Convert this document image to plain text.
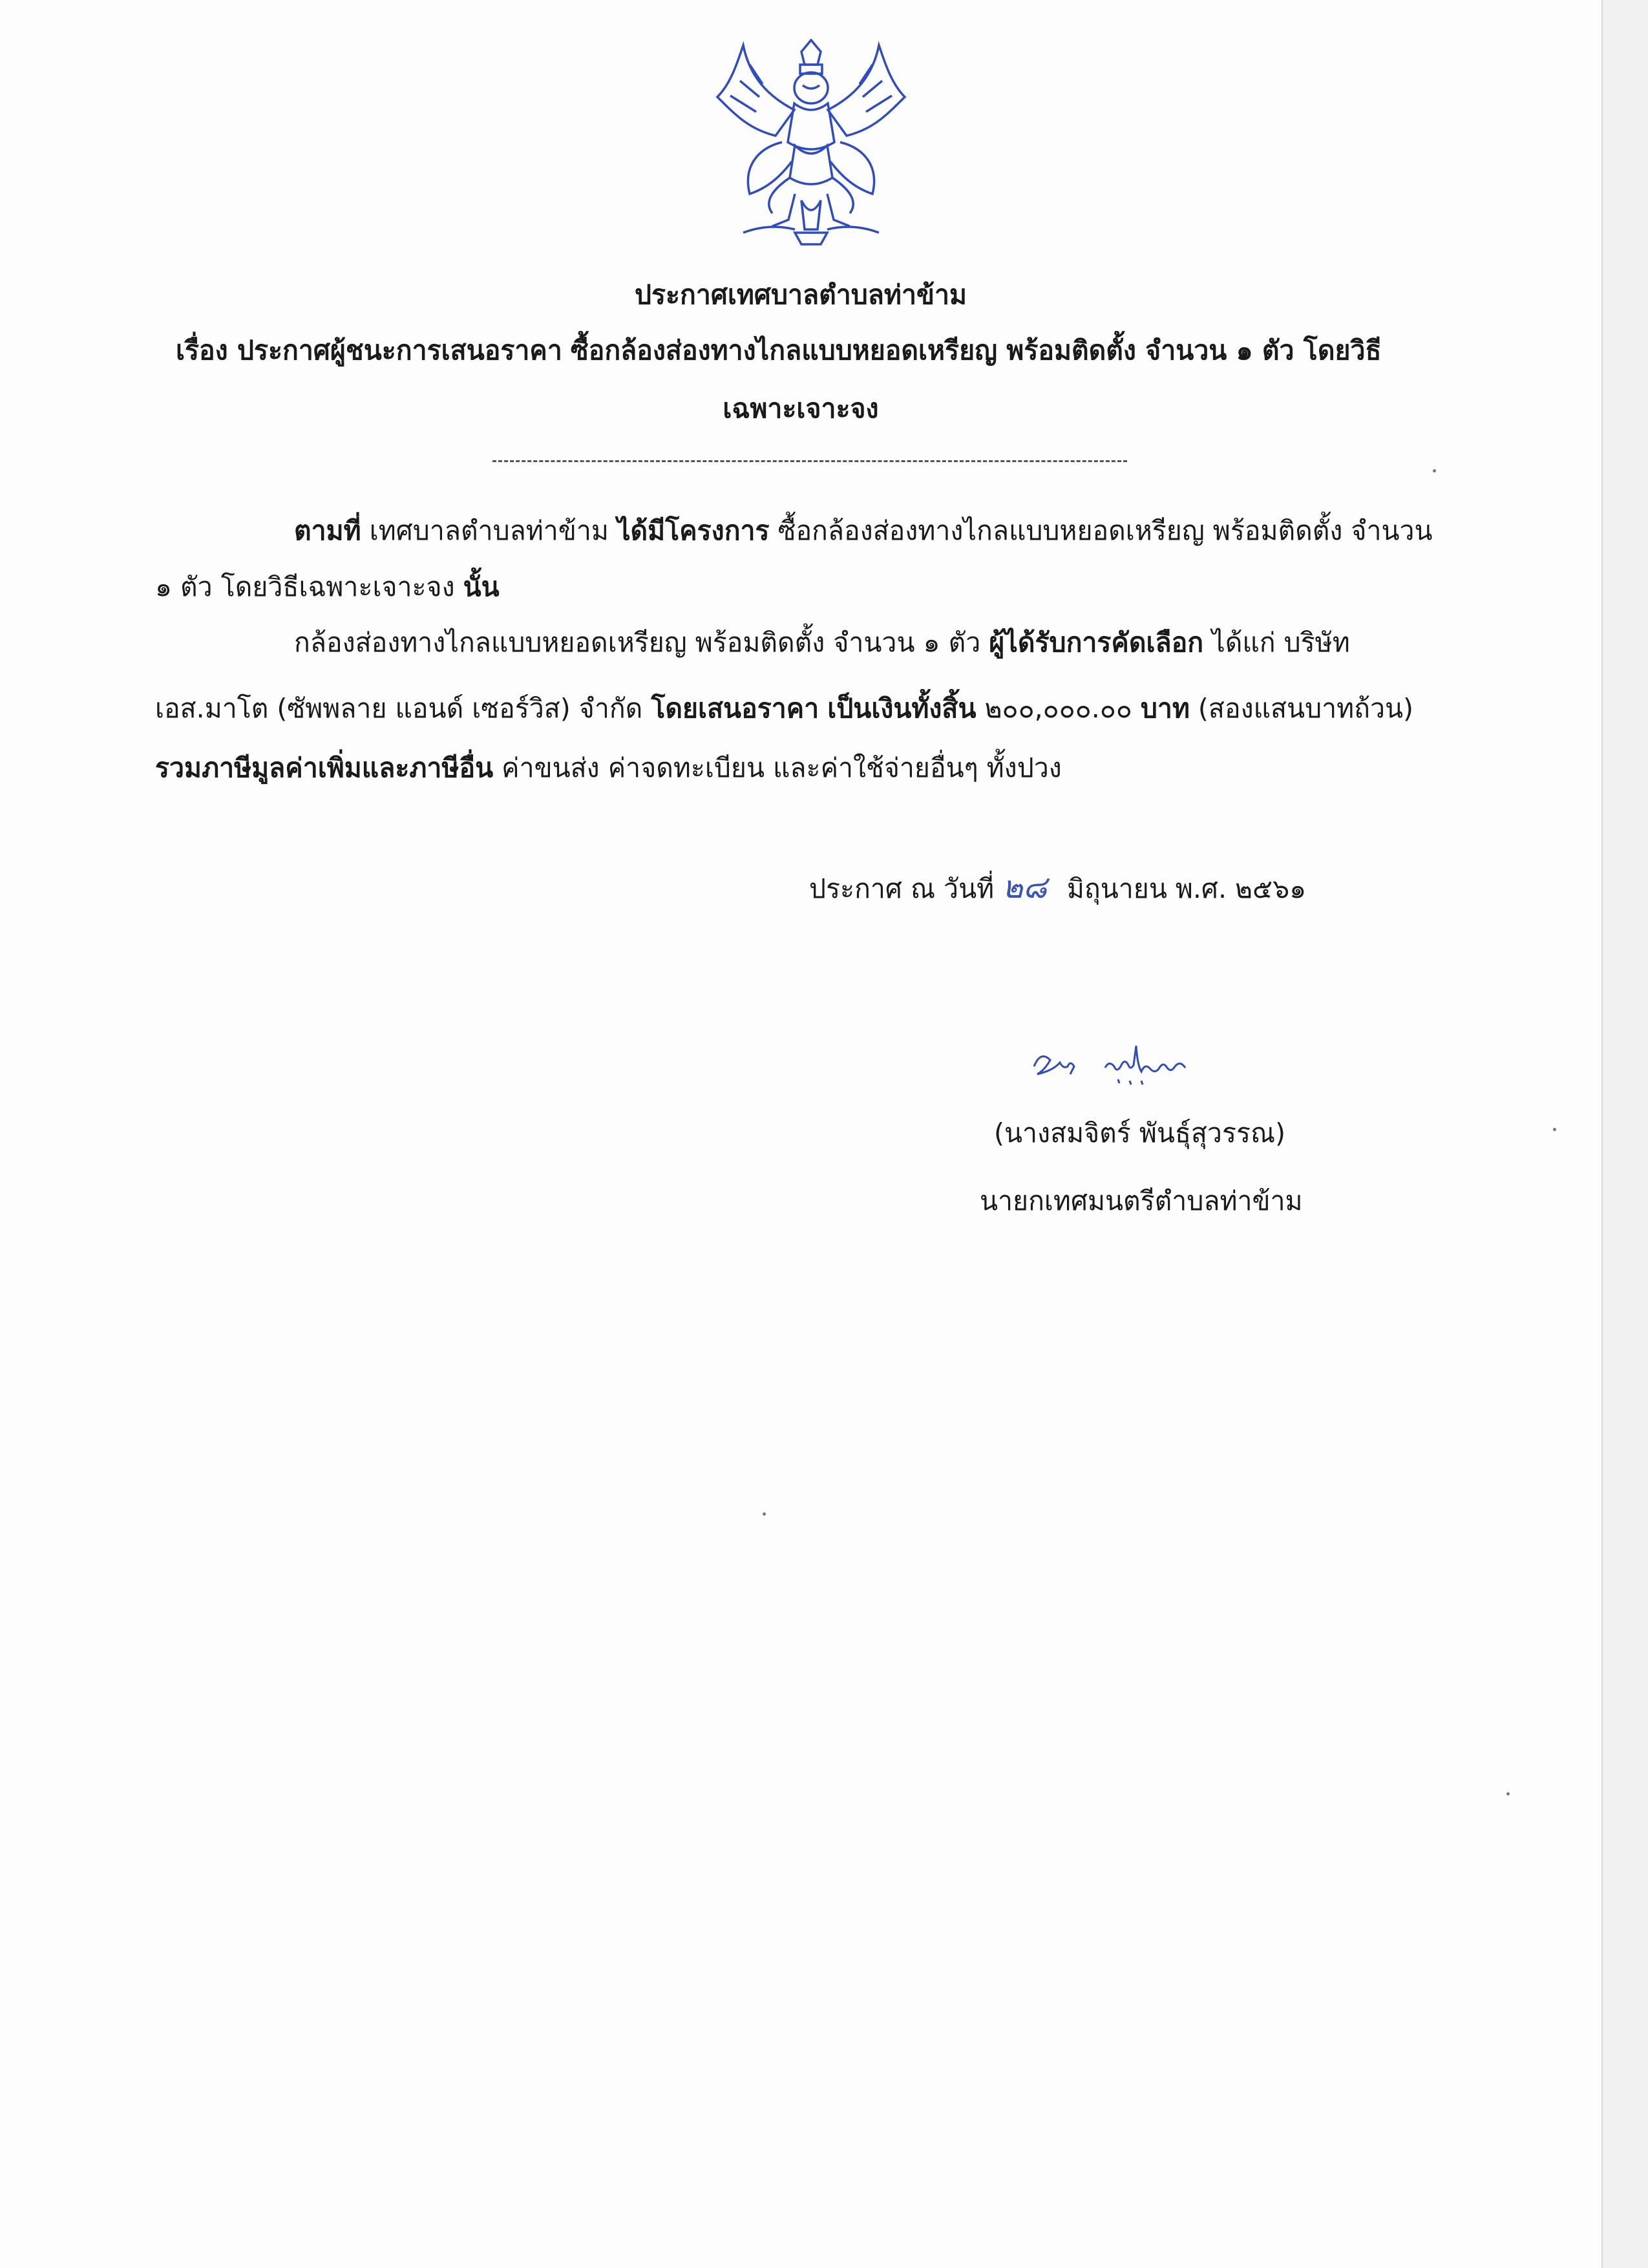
ประกาศเทศบาลตำบลท่าข้าม
เรื่อง ประกาศผู้ชนะการเสนอราคา ซื้อกล้องส่องทางไกลแบบหยอดเหรียญ พร้อมติดตั้ง จำนวน ๑ ตัว โดยวิธี
เฉพาะเจาะจง
ตามที่ เทศบาลตำบลท่าข้าม ได้มีโครงการ ซื้อกล้องส่องทางไกลแบบหยอดเหรียญ พร้อมติดตั้ง จำนวน
๑ ตัว โดยวิธีเฉพาะเจาะจง นั้น
กล้องส่องทางไกลแบบหยอดเหรียญ พร้อมติดตั้ง จำนวน ๑ ตัว ผู้ได้รับการคัดเลือก ได้แก่ บริษัท
เอส.มาโต (ซัพพลาย แอนด์ เซอร์วิส) จำกัด โดยเสนอราคา เป็นเงินทั้งสิ้น ๒๐๐,๐๐๐.๐๐ บาท (สองแสนบาทถ้วน)
รวมภาษีมูลค่าเพิ่มและภาษีอื่น ค่าขนส่ง ค่าจดทะเบียน และค่าใช้จ่ายอื่นๆ ทั้งปวง
ประกาศ ณ วันที่ ๒๘ มิถุนายน พ.ศ. ๒๕๖๑
(นางสมจิตร์ พันธุ์สุวรรณ)
นายกเทศมนตรีตำบลท่าข้าม
